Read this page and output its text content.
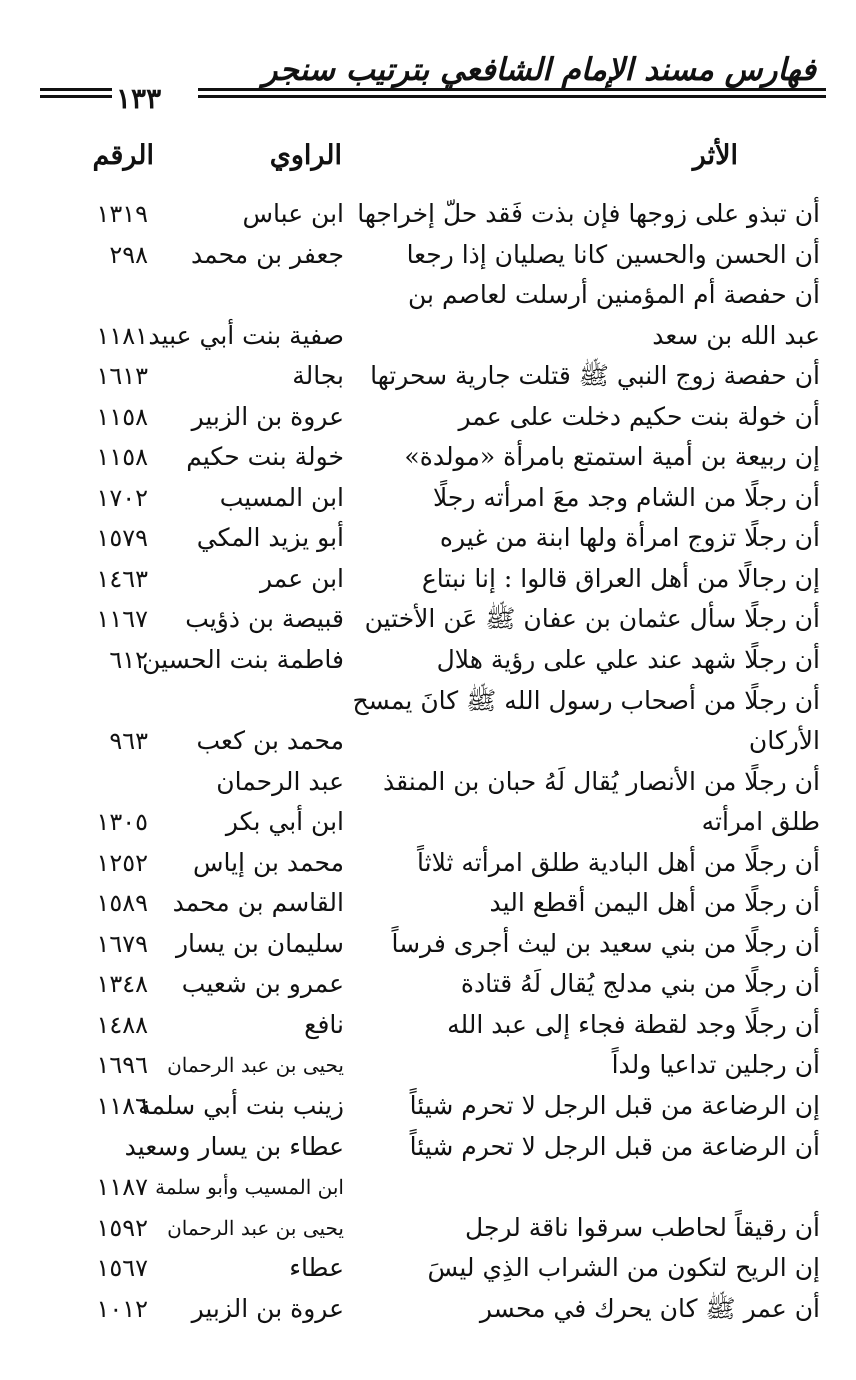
فهارس مسند الإمام الشافعي بترتيب سنجر
١٣٣
الأثر
الراوي
الرقم
أن تبذو على زوجها فإن بذت فَقد حلّ إخراجها
ابن عباس
١٣١٩
أن الحسن والحسين كانا يصليان إذا رجعا
جعفر بن محمد
٢٩٨
أن حفصة أم المؤمنين أرسلت لعاصم بن
عبد الله بن سعد
صفية بنت أبي عبيد
١١٨١
أن حفصة زوج النبي ﷺ قتلت جارية سحرتها
بجالة
١٦١٣
أن خولة بنت حكيم دخلت على عمر
عروة بن الزبير
١١٥٨
إن ربيعة بن أمية استمتع بامرأة «مولدة»
خولة بنت حكيم
١١٥٨
أن رجلًا من الشام وجد معَ امرأته رجلًا
ابن المسيب
١٧٠٢
أن رجلًا تزوج امرأة ولها ابنة من غيره
أبو يزيد المكي
١٥٧٩
إن رجالًا من أهل العراق قالوا : إنا نبتاع
ابن عمر
١٤٦٣
أن رجلًا سأل عثمان بن عفان ﷺ عَن الأختين
قبيصة بن ذؤيب
١١٦٧
أن رجلًا شهد عند علي على رؤية هلال
فاطمة بنت الحسين
٦١٢
أن رجلًا من أصحاب رسول الله ﷺ كانَ يمسح
الأركان
محمد بن كعب
٩٦٣
أن رجلًا من الأنصار يُقال لَهُ حبان بن المنقذ
عبد الرحمان
طلق امرأته
ابن أبي بكر
١٣٠٥
أن رجلًا من أهل البادية طلق امرأته ثلاثاً
محمد بن إياس
١٢٥٢
أن رجلًا من أهل اليمن أقطع اليد
القاسم بن محمد
١٥٨٩
أن رجلًا من بني سعيد بن ليث أجرى فرساً
سليمان بن يسار
١٦٧٩
أن رجلًا من بني مدلج يُقال لَهُ قتادة
عمرو بن شعيب
١٣٤٨
أن رجلًا وجد لقطة فجاء إلى عبد الله
نافع
١٤٨٨
أن رجلين تداعيا ولداً
يحيى بن عبد الرحمان
١٦٩٦
إن الرضاعة من قبل الرجل لا تحرم شيئاً
زينب بنت أبي سلمة
١١٨٦
أن الرضاعة من قبل الرجل لا تحرم شيئاً
عطاء بن يسار وسعيد
ابن المسيب وأبو سلمة
١١٨٧
أن رقيقاً لحاطب سرقوا ناقة لرجل
يحيى بن عبد الرحمان
١٥٩٢
إن الريح لتكون من الشراب الذِي ليسَ
عطاء
١٥٦٧
أن عمر ﷺ كان يحرك في محسر
عروة بن الزبير
١٠١٢
